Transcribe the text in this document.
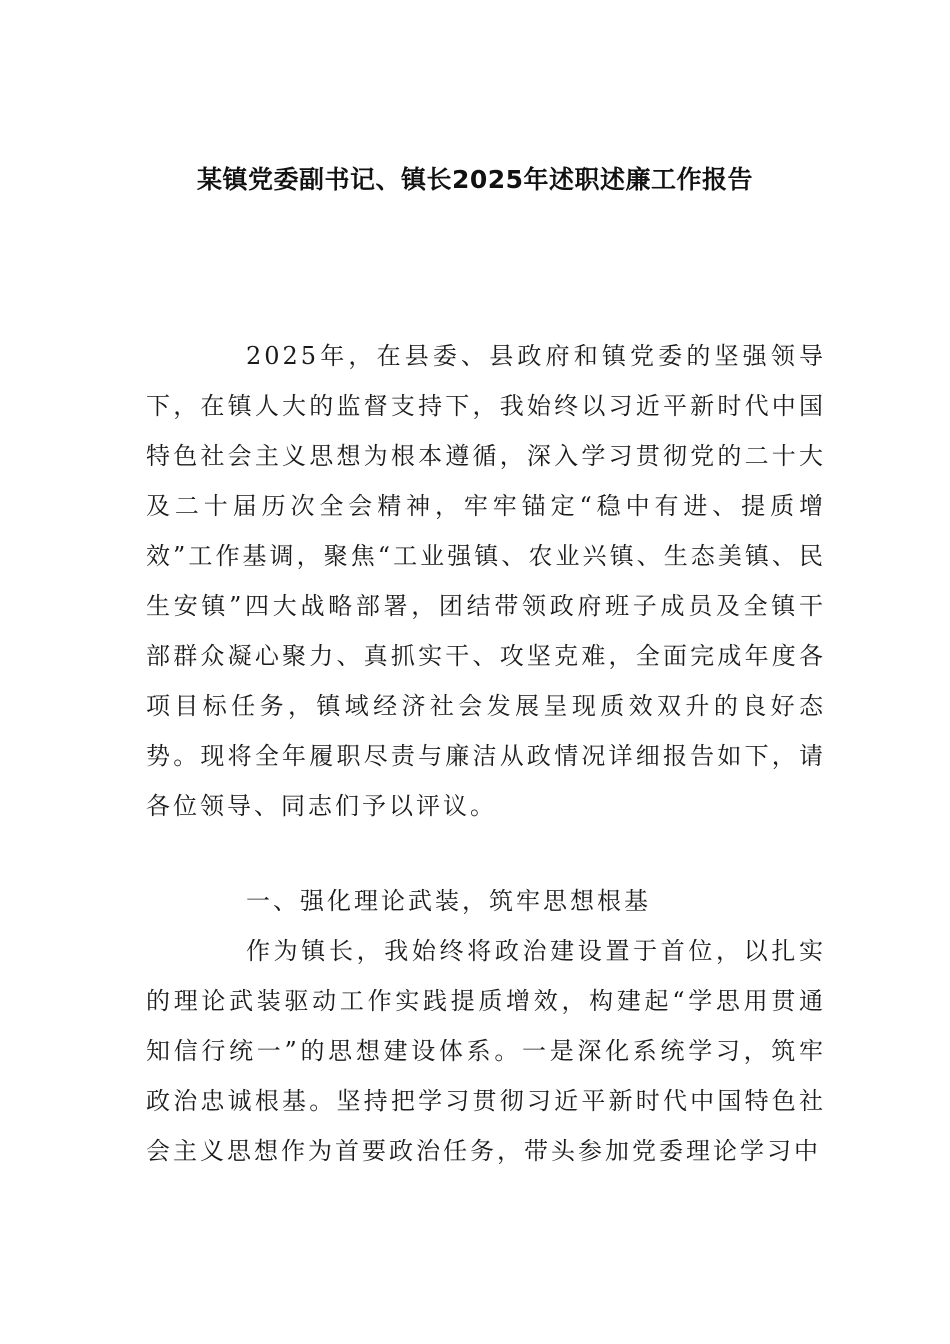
某镇党委副书记、镇长2025年述职述廉工作报告

2025年，在县委、县政府和镇党委的坚强领导下，在镇人大的监督支持下，我始终以习近平新时代中国特色社会主义思想为根本遵循，深入学习贯彻党的二十大及二十届历次全会精神，牢牢锚定“稳中有进、提质增效”工作基调，聚焦“工业强镇、农业兴镇、生态美镇、民生安镇”四大战略部署，团结带领政府班子成员及全镇干部群众凝心聚力、真抓实干、攻坚克难，全面完成年度各项目标任务，镇域经济社会发展呈现质效双升的良好态势。现将全年履职尽责与廉洁从政情况详细报告如下，请各位领导、同志们予以评议。

一、强化理论武装，筑牢思想根基

作为镇长，我始终将政治建设置于首位，以扎实的理论武装驱动工作实践提质增效，构建起“学思用贯通知信行统一”的思想建设体系。一是深化系统学习，筑牢政治忠诚根基。坚持把学习贯彻习近平新时代中国特色社会主义思想作为首要政治任务，带头参加党委理论学习中
